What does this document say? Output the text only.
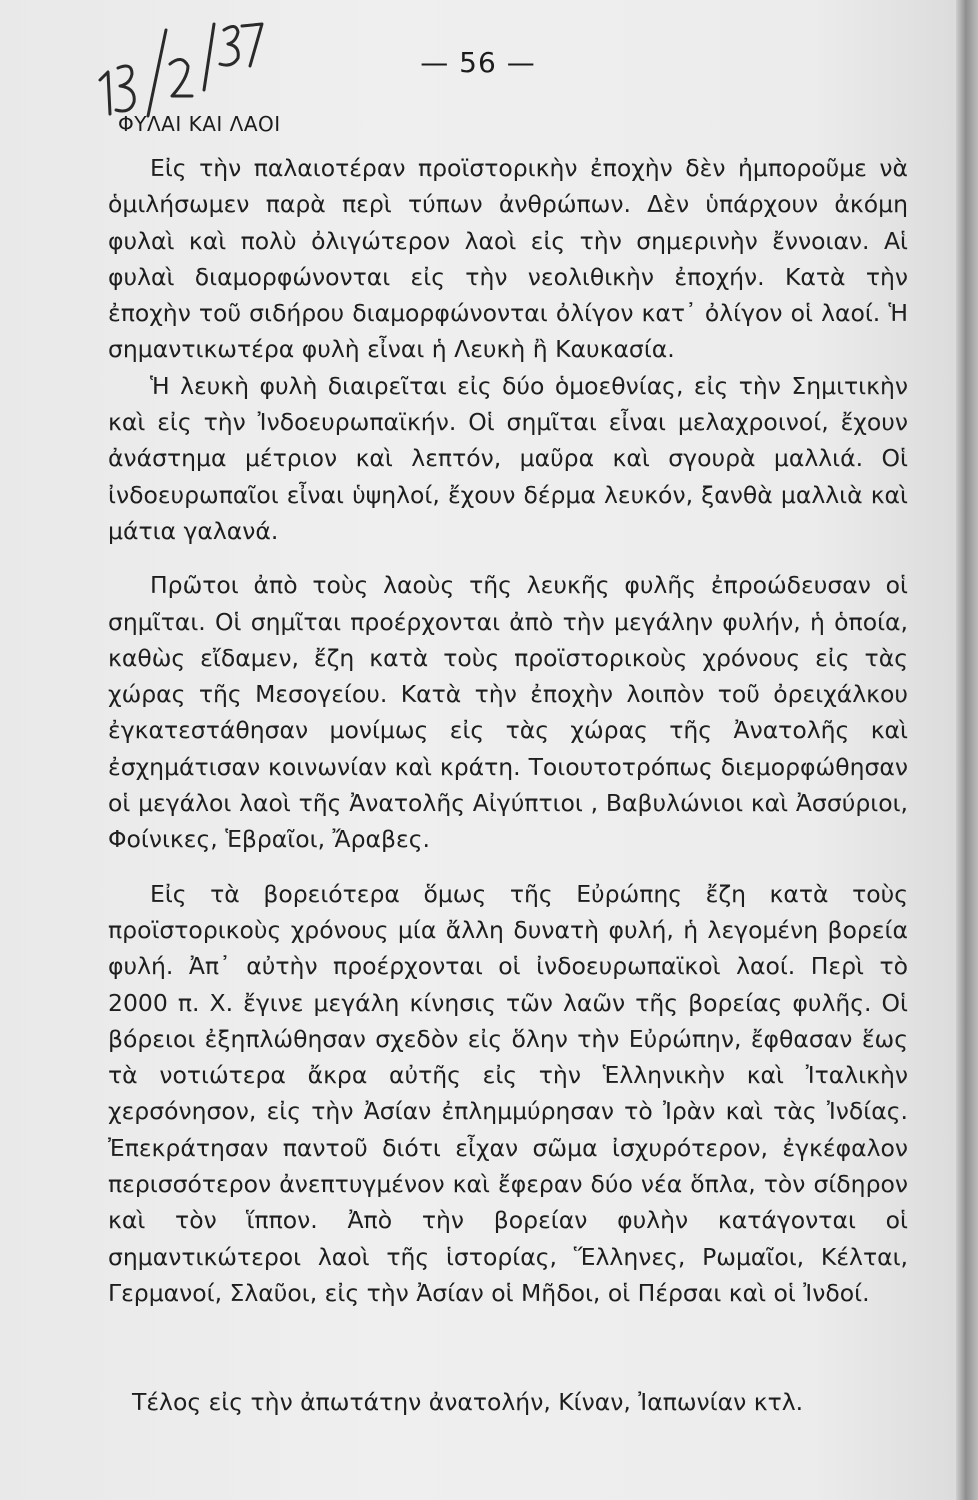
— 56 —
ΦΥΛΑΙ ΚΑΙ ΛΑΟΙ

Εἰς τὴν παλαιοτέραν προϊστορικὴν ἐποχὴν δὲν ἠμποροῦμε νὰ ὁμιλήσωμεν παρὰ περὶ τύπων ἀνθρώπων. Δὲν ὑπάρχουν ἀκόμη φυλαὶ καὶ πολὺ ὀλιγώτερον λαοὶ εἰς τὴν σημερινὴν ἔννοιαν. Αἱ φυλαὶ διαμορφώνονται εἰς τὴν νεολιθικὴν ἐποχήν. Κατὰ τὴν ἐποχὴν τοῦ σιδήρου διαμορφώνονται ὀλίγον κατ᾽ ὀλίγον οἱ λαοί. Ἡ σημαντικωτέρα φυλὴ εἶναι ἡ Λευκὴ ἢ Καυκασία.

Ἡ λευκὴ φυλὴ διαιρεῖται εἰς δύο ὁμοεθνίας, εἰς τὴν Σημιτικὴν καὶ εἰς τὴν Ἰνδοευρωπαϊκήν. Οἱ σημῖται εἶναι μελαχροινοί, ἔχουν ἀνάστημα μέτριον καὶ λεπτόν, μαῦρα καὶ σγουρὰ μαλλιά. Οἱ ἰνδοευρωπαῖοι εἶναι ὑψηλοί, ἔχουν δέρμα λευκόν, ξανθὰ μαλλιὰ καὶ μάτια γαλανά.

Πρῶτοι ἀπὸ τοὺς λαοὺς τῆς λευκῆς φυλῆς ἐπροώδευσαν οἱ σημῖται. Οἱ σημῖται προέρχονται ἀπὸ τὴν μεγάλην φυλήν, ἡ ὁποία, καθὼς εἴδαμεν, ἔζη κατὰ τοὺς προϊστορικοὺς χρόνους εἰς τὰς χώρας τῆς Μεσογείου. Κατὰ τὴν ἐποχὴν λοιπὸν τοῦ ὀρειχάλκου ἐγκατεστάθησαν μονίμως εἰς τὰς χώρας τῆς Ἀνατολῆς καὶ ἐσχημάτισαν κοινωνίαν καὶ κράτη. Τοιουτοτρόπως διεμορφώθησαν οἱ μεγάλοι λαοὶ τῆς Ἀνατολῆς Αἰγύπτιοι , Βαβυλώνιοι καὶ Ἀσσύριοι, Φοίνικες, Ἑβραῖοι, Ἄραβες.

Εἰς τὰ βορειότερα ὅμως τῆς Εὐρώπης ἔζη κατὰ τοὺς προϊστορικοὺς χρόνους μία ἄλλη δυνατὴ φυλή, ἡ λεγομένη βορεία φυλή. Ἀπ᾽ αὐτὴν προέρχονται οἱ ἰνδοευρωπαϊκοὶ λαοί. Περὶ τὸ 2000 π. Χ. ἔγινε μεγάλη κίνησις τῶν λαῶν τῆς βορείας φυλῆς. Οἱ βόρειοι ἐξηπλώθησαν σχεδὸν εἰς ὅλην τὴν Εὐρώπην, ἔφθασαν ἕως τὰ νοτιώτερα ἄκρα αὐτῆς εἰς τὴν Ἑλληνικὴν καὶ Ἰταλικὴν χερσόνησον, εἰς τὴν Ἀσίαν ἐπλημμύρησαν τὸ Ἰρὰν καὶ τὰς Ἰνδίας. Ἐπεκράτησαν παντοῦ διότι εἶχαν σῶμα ἰσχυρότερον, ἐγκέφαλον περισσότερον ἀνεπτυγμένον καὶ ἔφεραν δύο νέα ὅπλα, τὸν σίδηρον καὶ τὸν ἵππον. Ἀπὸ τὴν βορείαν φυλὴν κατάγονται οἱ σημαντικώτεροι λαοὶ τῆς ἱστορίας, Ἕλληνες, Ρωμαῖοι, Κέλται, Γερμανοί, Σλαῦοι, εἰς τὴν Ἀσίαν οἱ Μῆδοι, οἱ Πέρσαι καὶ οἱ Ἰνδοί.

Τέλος εἰς τὴν ἀπωτάτην ἀνατολήν, Κίναν, Ἰαπωνίαν κτλ.
